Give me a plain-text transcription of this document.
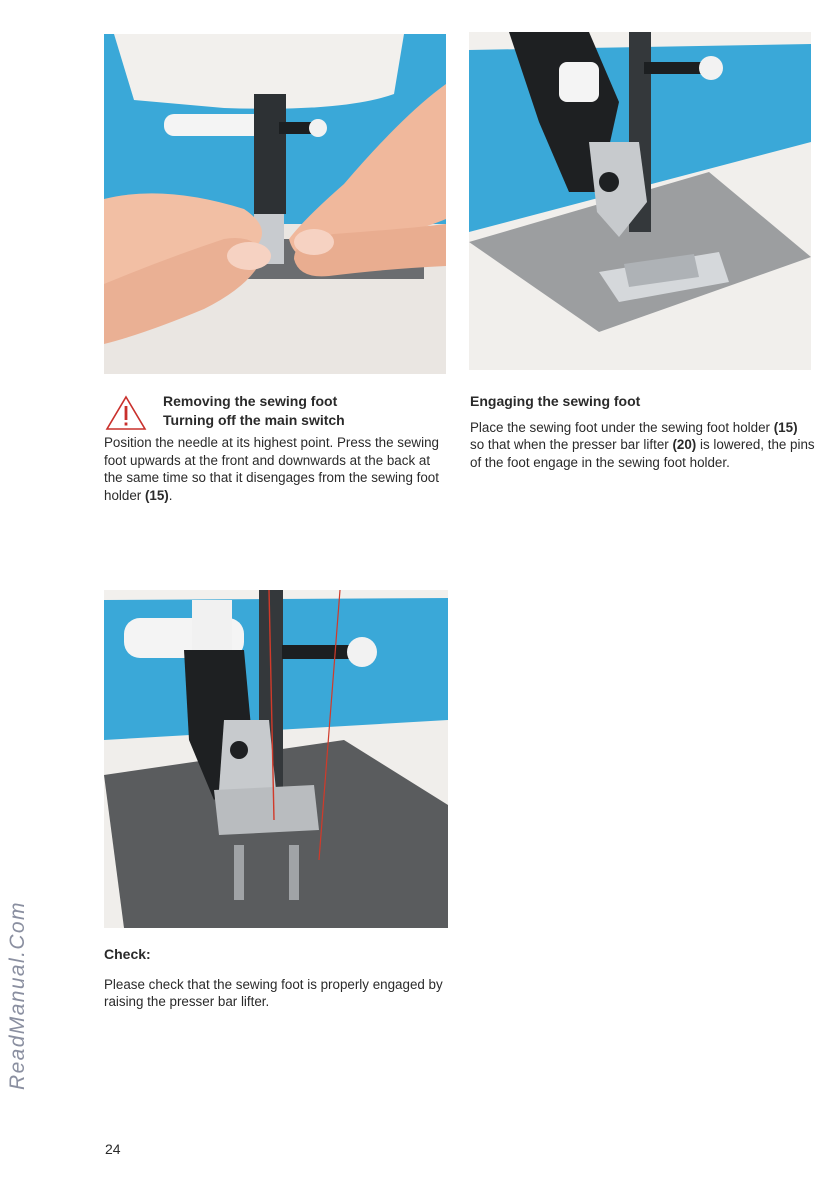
Removing the sewing foot
Turning off the main switch

Position the needle at its highest point. Press the sewing foot upwards at the front and downwards at the back at the same time so that it disengages from the sewing foot holder (15).

Engaging the sewing foot

Place the sewing foot under the sewing foot holder (15) so that when the presser bar lifter (20) is lowered, the pins of the foot engage in the sewing foot holder.

Check:

Please check that the sewing foot is properly engaged by raising the presser bar lifter.

24
ReadManual.Com
